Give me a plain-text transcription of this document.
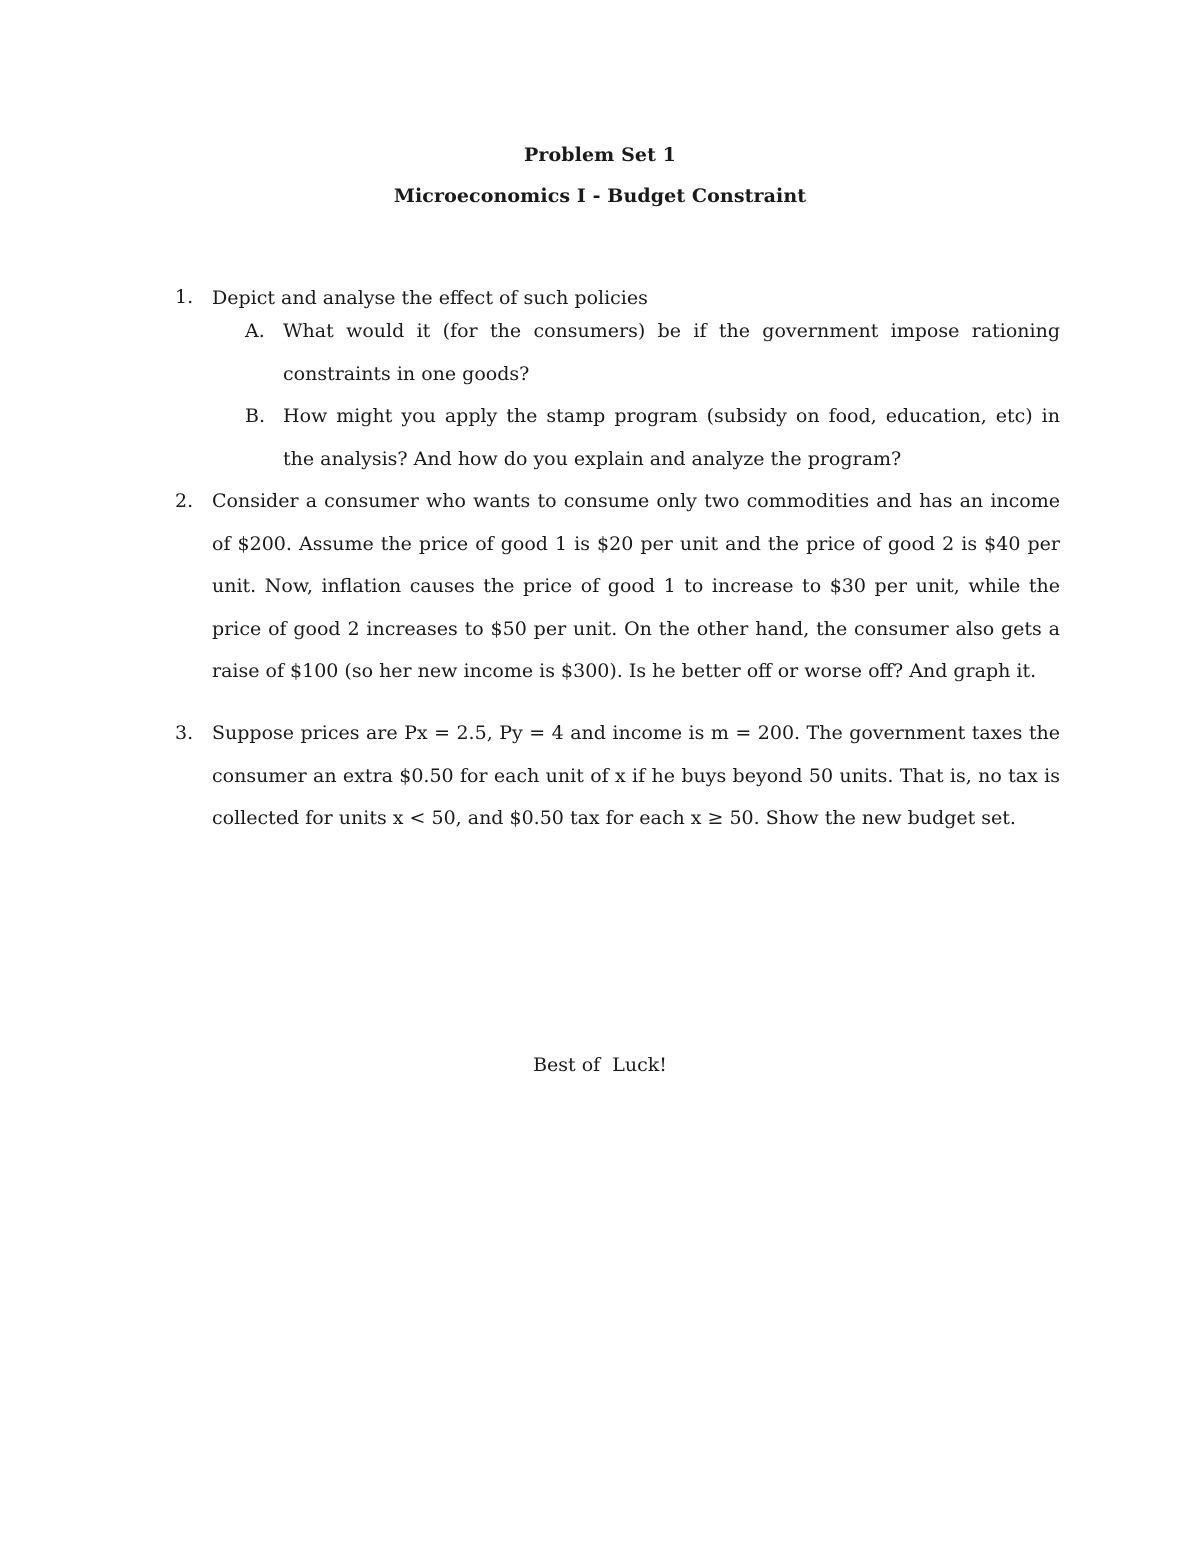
Problem Set 1
Microeconomics I - Budget Constraint
1. Depict and analyse the effect of such policies
A. What would it (for the consumers) be if the government impose rationing constraints in one goods?
B. How might you apply the stamp program (subsidy on food, education, etc) in the analysis? And how do you explain and analyze the program?
2. Consider a consumer who wants to consume only two commodities and has an income of $200. Assume the price of good 1 is $20 per unit and the price of good 2 is $40 per unit. Now, inflation causes the price of good 1 to increase to $30 per unit, while the price of good 2 increases to $50 per unit. On the other hand, the consumer also gets a raise of $100 (so her new income is $300). Is he better off or worse off? And graph it.
3. Suppose prices are Px = 2.5, Py = 4 and income is m = 200. The government taxes the consumer an extra $0.50 for each unit of x if he buys beyond 50 units. That is, no tax is collected for units x < 50, and $0.50 tax for each x ≥ 50. Show the new budget set.
Best of  Luck!
